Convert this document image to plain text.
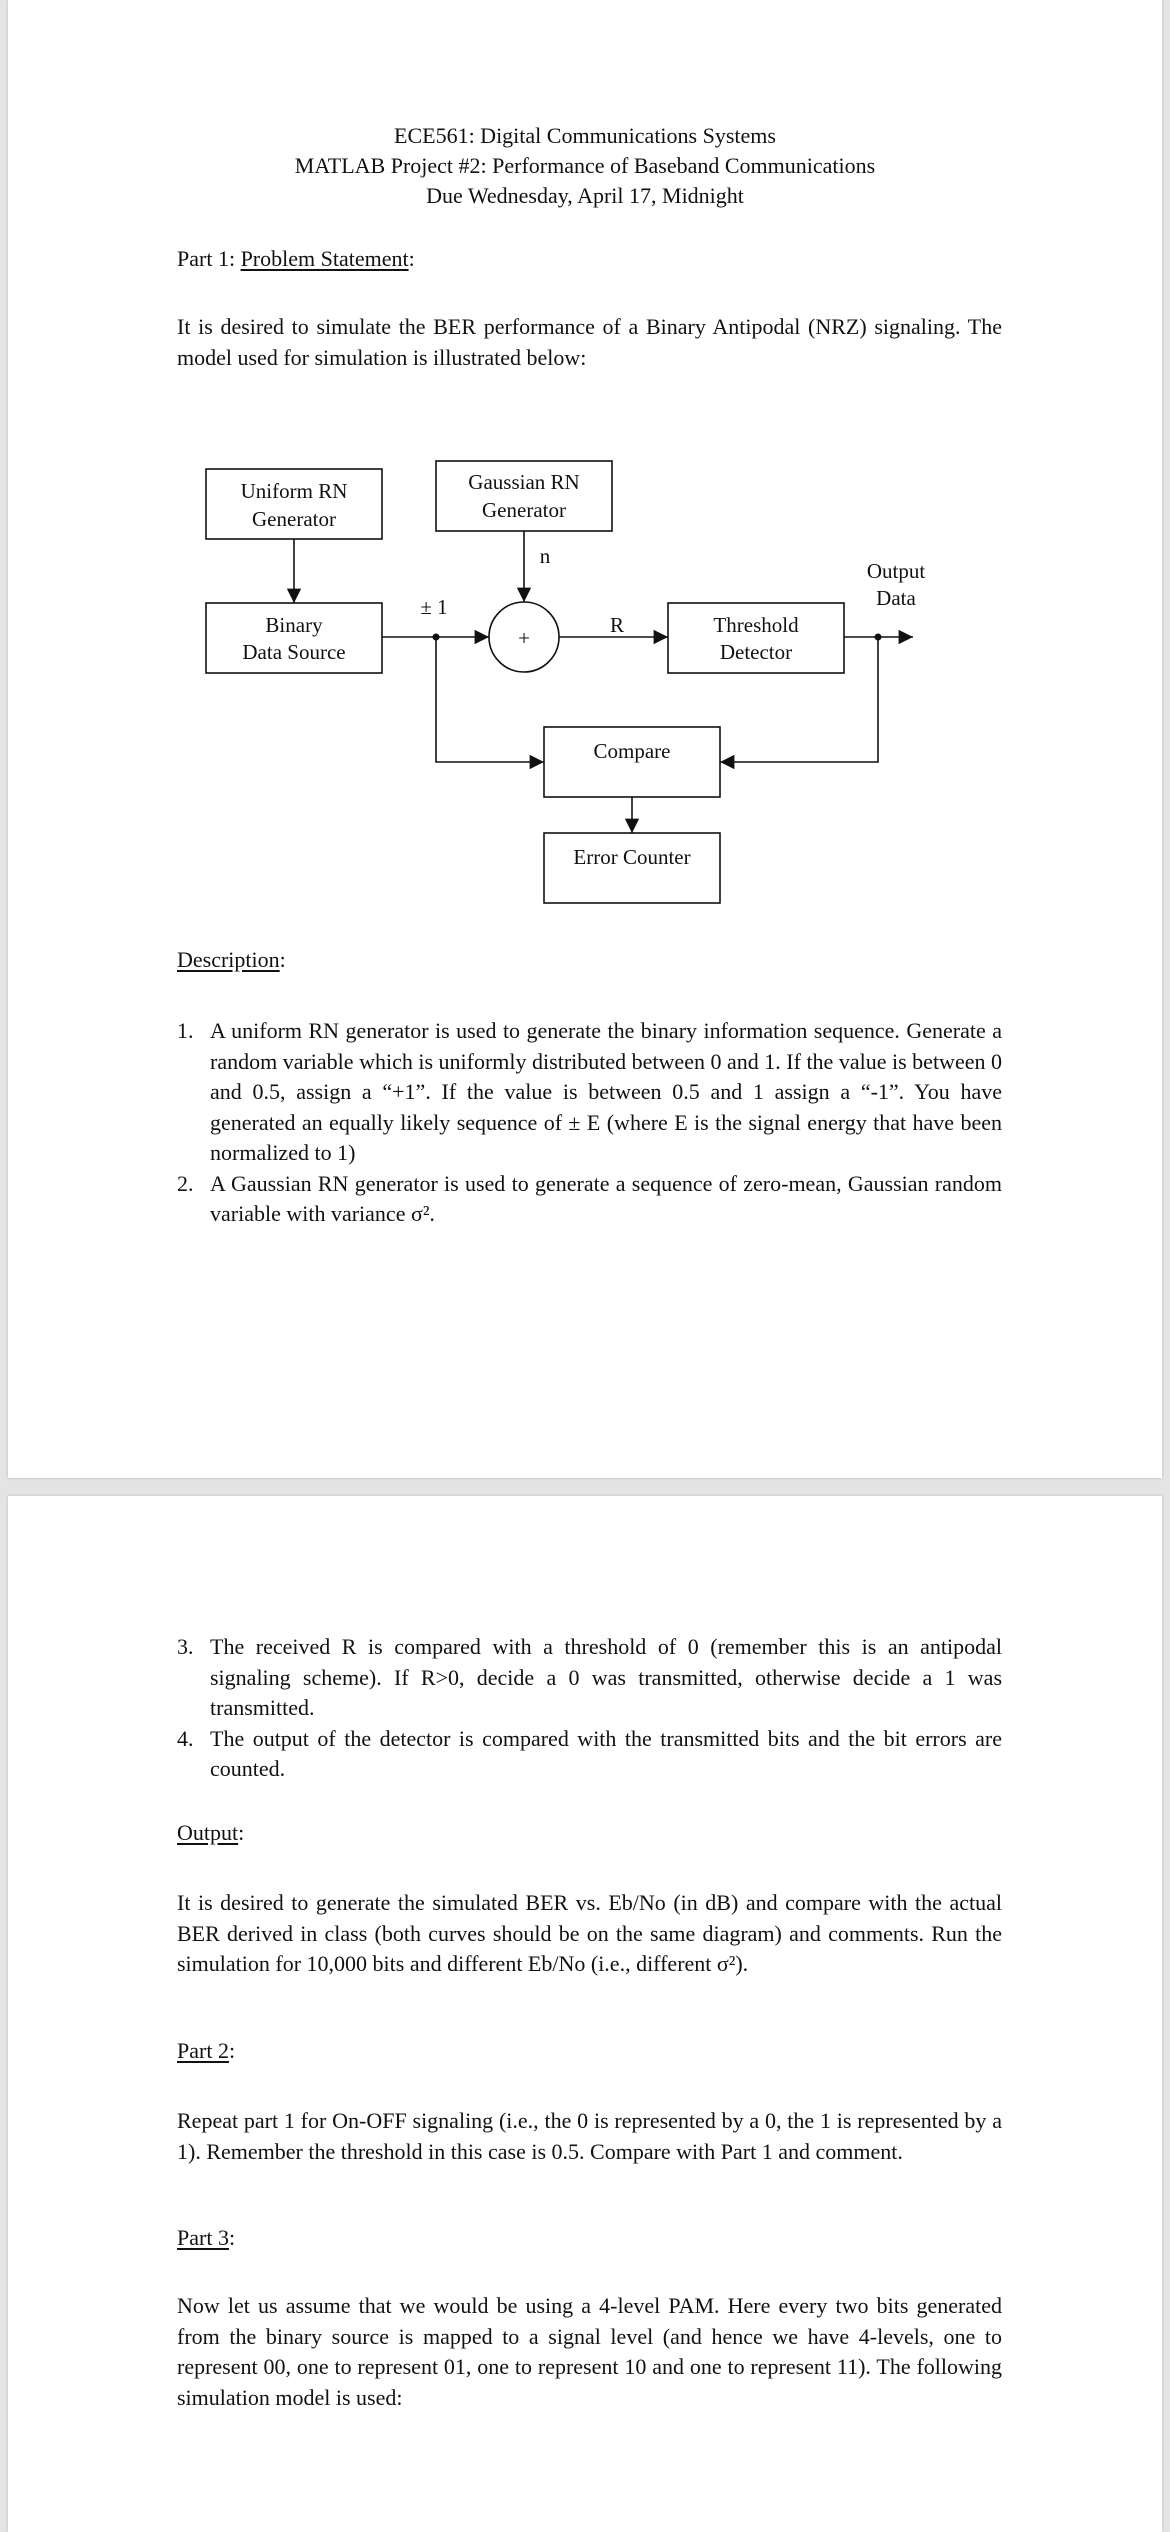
ECE561: Digital Communications Systems
MATLAB Project #2: Performance of Baseband Communications
Due Wednesday, April 17, Midnight
Part 1: Problem Statement:
It is desired to simulate the BER performance of a Binary Antipodal (NRZ) signaling. The model used for simulation is illustrated below:
Uniform RN
Generator
Gaussian RN
Generator
Binary
Data Source
+
Threshold
Detector
Compare
Error Counter
n
± 1
R
Output
Data
Description:
1. A uniform RN generator is used to generate the binary information sequence. Generate a random variable which is uniformly distributed between 0 and 1. If the value is between 0 and 0.5, assign a “+1”. If the value is between 0.5 and 1 assign a “-1”. You have generated an equally likely sequence of ± E (where E is the signal energy that have been normalized to 1)
2. A Gaussian RN generator is used to generate a sequence of zero-mean, Gaussian random variable with variance σ².
3. The received R is compared with a threshold of 0 (remember this is an antipodal signaling scheme). If R>0, decide a 0 was transmitted, otherwise decide a 1 was transmitted.
4. The output of the detector is compared with the transmitted bits and the bit errors are counted.
Output:
It is desired to generate the simulated BER vs. Eb/No (in dB) and compare with the actual BER derived in class (both curves should be on the same diagram) and comments. Run the simulation for 10,000 bits and different Eb/No (i.e., different σ²).
Part 2:
Repeat part 1 for On-OFF signaling (i.e., the 0 is represented by a 0, the 1 is represented by a 1). Remember the threshold in this case is 0.5. Compare with Part 1 and comment.
Part 3:
Now let us assume that we would be using a 4-level PAM. Here every two bits generated from the binary source is mapped to a signal level (and hence we have 4-levels, one to represent 00, one to represent 01, one to represent 10 and one to represent 11). The following simulation model is used:
